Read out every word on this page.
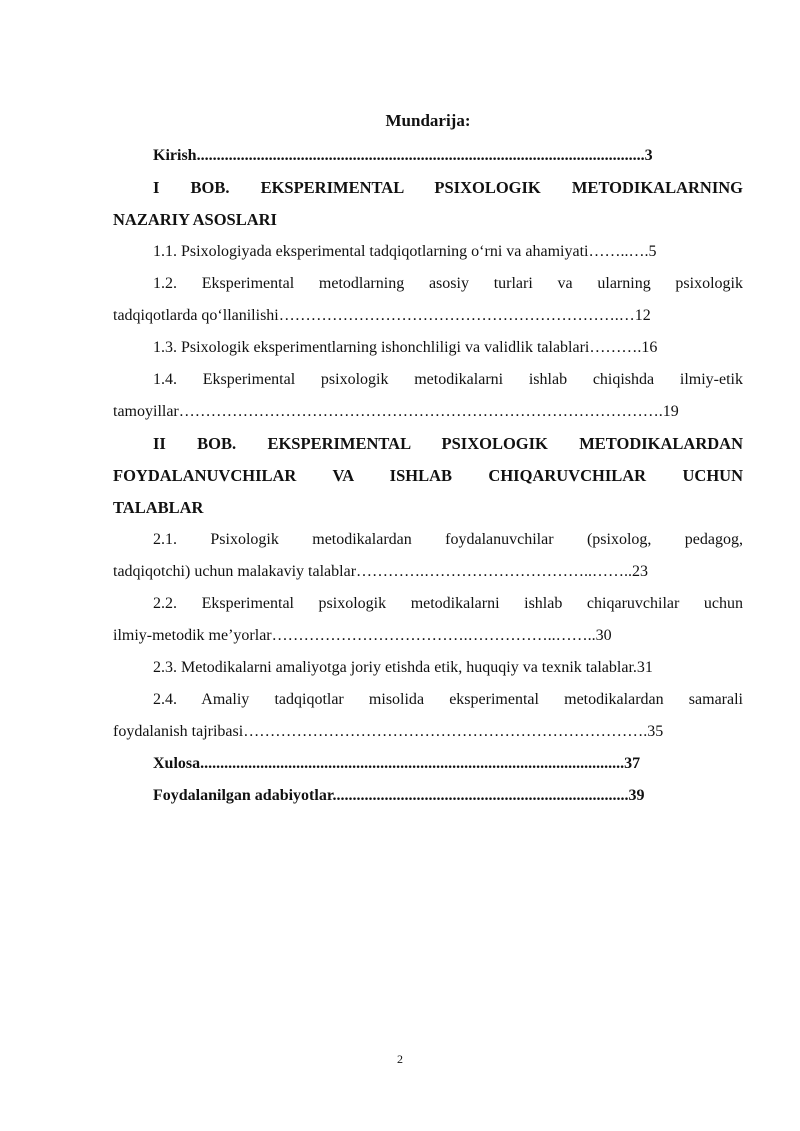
Mundarija:

Kirish................................................................................................................3

I BOB. EKSPERIMENTAL PSIXOLOGIK METODIKALARNING

NAZARIY ASOSLARI

1.1. Psixologiyada eksperimental tadqiqotlarning o‘rni va ahamiyati……..….5

1.2. Eksperimental metodlarning asosiy turlari va ularning psixologik

tadqiqotlarda qo‘llanilishi……………………………………………………….…12

1.3. Psixologik eksperimentlarning ishonchliligi va validlik talablari……….16

1.4. Eksperimental psixologik metodikalarni ishlab chiqishda ilmiy-etik

tamoyillar……………………………………………………………………………….19

II BOB. EKSPERIMENTAL PSIXOLOGIK METODIKALARDAN

FOYDALANUVCHILAR VA ISHLAB CHIQARUVCHILAR UCHUN

TALABLAR

2.1. Psixologik metodikalardan foydalanuvchilar (psixolog, pedagog,

tadqiqotchi) uchun malakaviy talablar………….…………………………..……..23

2.2. Eksperimental psixologik metodikalarni ishlab chiqaruvchilar uchun

ilmiy-metodik me’yorlar……………………………….……………..……..30

2.3. Metodikalarni amaliyotga joriy etishda etik, huquqiy va texnik talablar.31

2.4. Amaliy tadqiqotlar misolida eksperimental metodikalardan samarali

foydalanish tajribasi………………………………………………………………….35

Xulosa..........................................................................................................37

Foydalanilgan adabiyotlar..........................................................................39

2
